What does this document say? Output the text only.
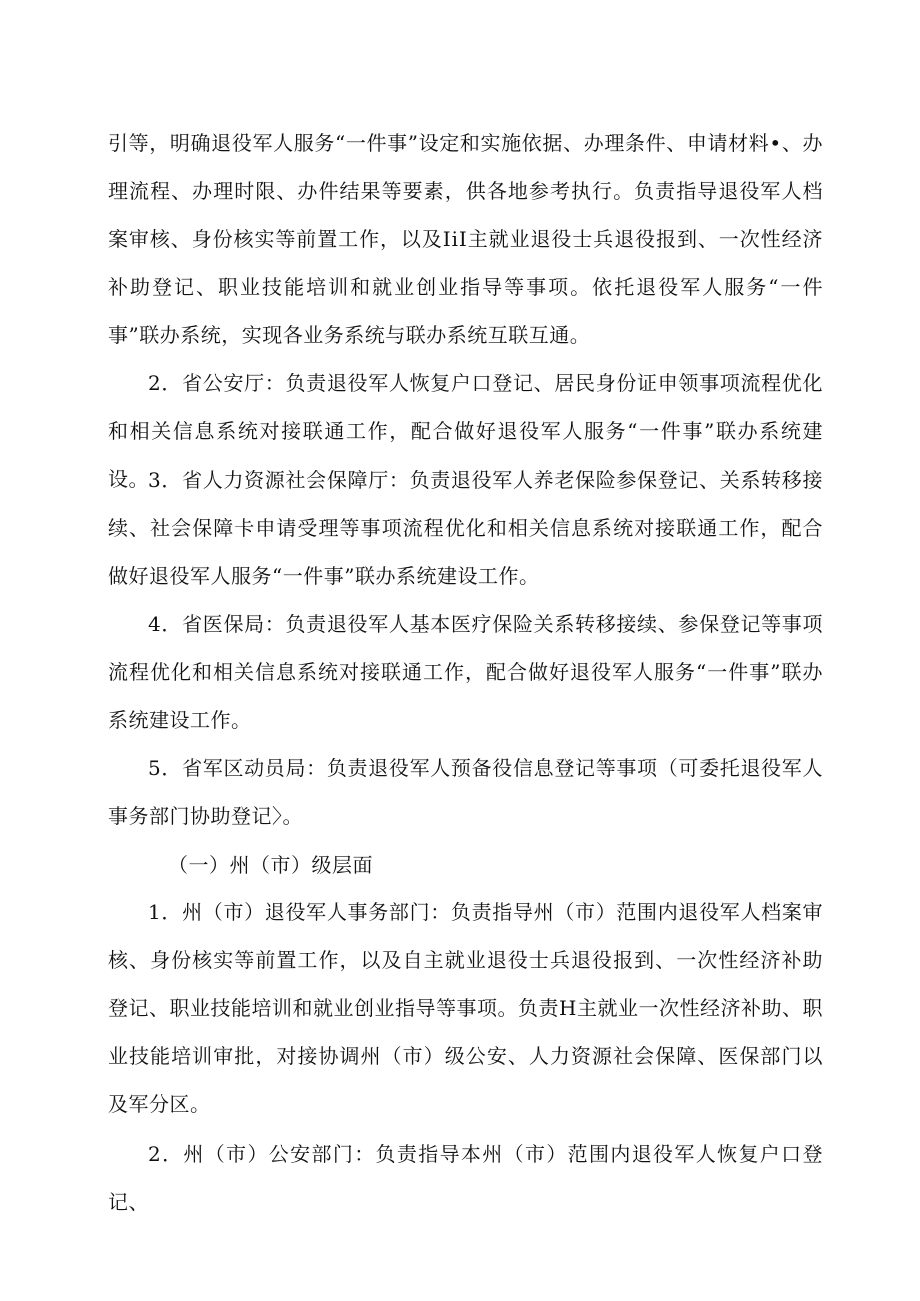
引等，明确退役军人服务“一件事”设定和实施依据、办理条件、申请材料•、办理流程、办理时限、办件结果等要素，供各地参考执行。负责指导退役军人档案审核、身份核实等前置工作，以及IⅰI主就业退役士兵退役报到、一次性经济补助登记、职业技能培训和就业创业指导等事项。依托退役军人服务“一件事”联办系统，实现各业务系统与联办系统互联互通。

2．省公安厅：负责退役军人恢复户口登记、居民身份证申领事项流程优化和相关信息系统对接联通工作，配合做好退役军人服务“一件事”联办系统建设。 3．省人力资源社会保障厅：负责退役军人养老保险参保登记、关系转移接续、社会保障卡申请受理等事项流程优化和相关信息系统对接联通工作，配合做好退役军人服务“一件事”联办系统建设工作。

4．省医保局：负责退役军人基本医疗保险关系转移接续、参保登记等事项流程优化和相关信息系统对接联通工作，配合做好退役军人服务“一件事”联办系统建设工作。

5．省军区动员局：负责退役军人预备役信息登记等事项（可委托退役军人事务部门协助登记〉。

（一）州（市）级层面

1．州（市）退役军人事务部门：负责指导州（市）范围内退役军人档案审核、身份核实等前置工作，以及自主就业退役士兵退役报到、一次性经济补助登记、职业技能培训和就业创业指导等事项。负责H主就业一次性经济补助、职业技能培训审批，对接协调州（市）级公安、人力资源社会保障、医保部门以及军分区。

2．州（市）公安部门：负责指导本州（市）范围内退役军人恢复户口登记、
